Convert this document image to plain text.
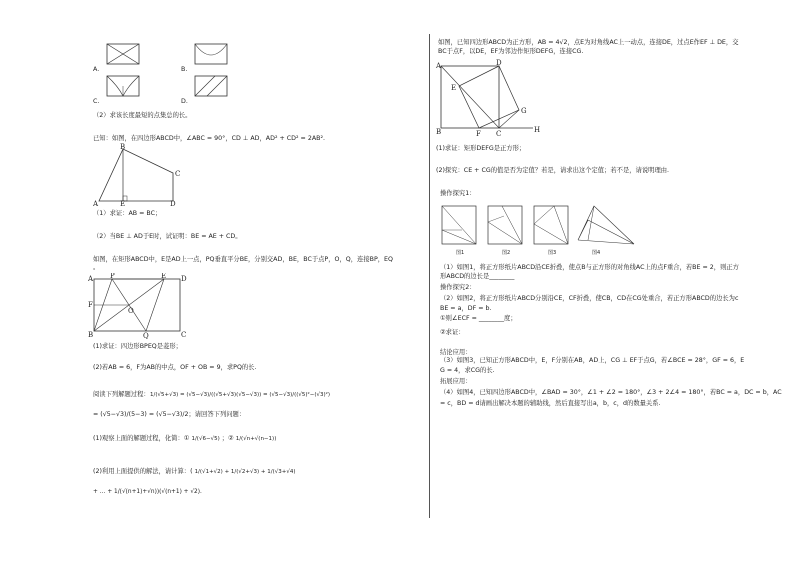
A.	B.
C.	D.
（2）求该长度最短的点集总的长。
已知：如图，在四边形ABCD中，∠ABC = 90°，CD ⊥ AD，AD² + CD² = 2AB².
A
B
C
D
E
（1）求证：AB = BC；
（2）当BE ⊥ AD于E时，试证明：BE = AE + CD。
如图，在矩形ABCD中，E是AD上一点，PQ垂直平分BE，分别交AD，BE，BC于点P，O，Q，连接BP，EQ
。
A
B	C
D
E
F
O
P
Q
(1)求证：四边形BPEQ是菱形；
(2)若AB = 6，F为AB的中点，OF + OB = 9，求PQ的长.
阅读下列解题过程： 1/(√5+√3) = (√5−√3)/((√5+√3)(√5−√3)) = (√5−√3)/((√5)²−(√3)²)
= (√5−√3)/(5−3) = (√5−√3)/2；请回答下列问题：
(1)观察上面的解题过程，化简：① 1/(√6−√5) ；② 1/(√n+√(n−1))
(2)利用上面提供的解法，请计算：( 1/(√1+√2) + 1/(√2+√3) + 1/(√3+√4)
+ … + 1/(√(n+1)+√n))(√(n+1) + √2).
如图，已知四边形ABCD为正方形，AB = 4√2，点E为对角线AC上一动点，连接DE，过点E作EF ⊥ DE，交
BC于点F，以DE，EF为邻边作矩形DEFG，连接CG.
A
B	C
D
E
F
G
H
(1)求证：矩形DEFG是正方形；
(2)探究：CE + CG的值是否为定值？若是，请求出这个定值；若不是，请说明理由.
操作探究1：
图1	图2	图3	图4
（1）如图1，将正方形纸片ABCD沿CE折叠，使点B与正方形的对角线AC上的点F重合，若BE = 2，则正方
形ABCD的边长是________
操作探究2：
（2）如图2，将正方形纸片ABCD分别沿CE，CF折叠，使CB，CD在CG处重合，若正方形ABCD的边长为c
BE = a，DF = b.
①则∠ECF = ________度；
②求证：
结论应用：
（3）如图3，已知正方形ABCD中，E，F分别在AB，AD上，CG ⊥ EF于点G，若∠BCE = 28°，GF = 6，E
G = 4，求CG的长.
拓展应用：
（4）如图4，已知四边形ABCD中，∠BAD = 30°，∠1 + ∠2 = 180°，∠3 + 2∠4 = 180°，若BC = a，DC = b，AC
= c，BD = d请画出解决本题的辅助线，然后直接写出a，b，c，d的数量关系.
